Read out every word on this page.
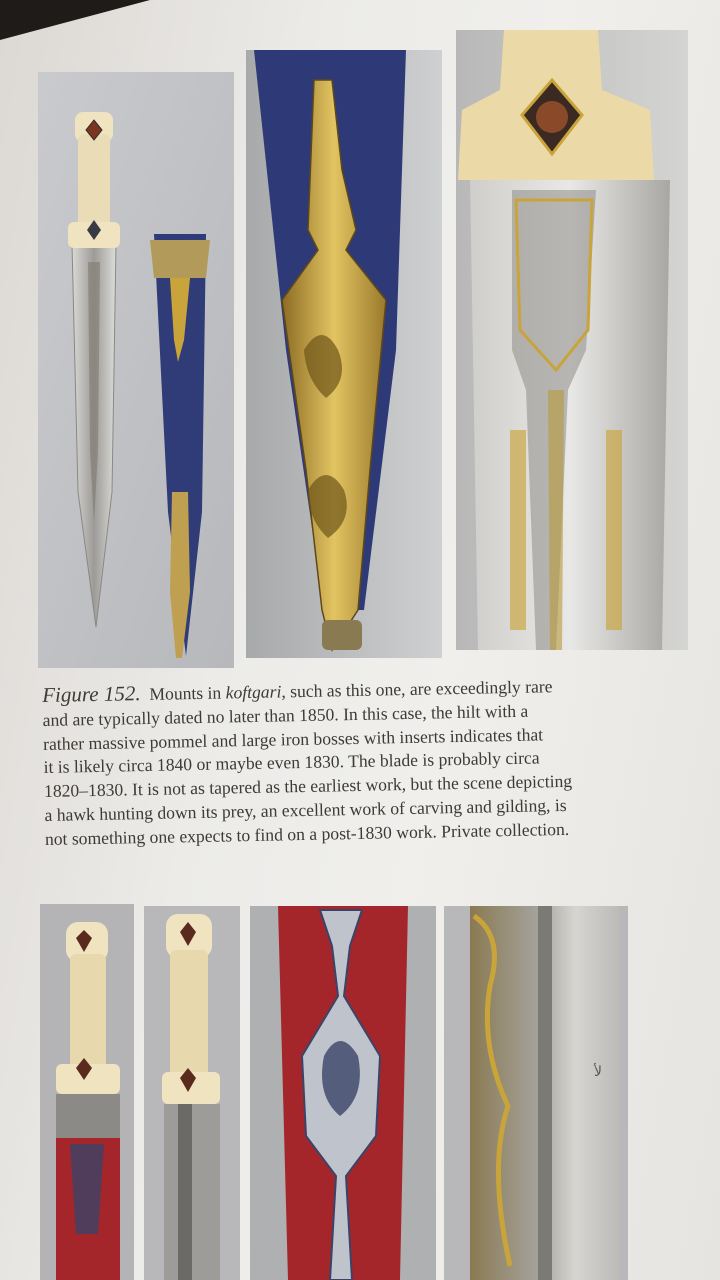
Figure 152. Mounts in koftgari, such as this one, are exceedingly rare
and are typically dated no later than 1850. In this case, the hilt with a
rather massive pommel and large iron bosses with inserts indicates that
it is likely circa 1840 or maybe even 1830. The blade is probably circa
1820–1830. It is not as tapered as the earliest work, but the scene depicting
a hawk hunting down its prey, an excellent work of carving and gilding, is
not something one expects to find on a post-1830 work. Private collection.
ﻷ
